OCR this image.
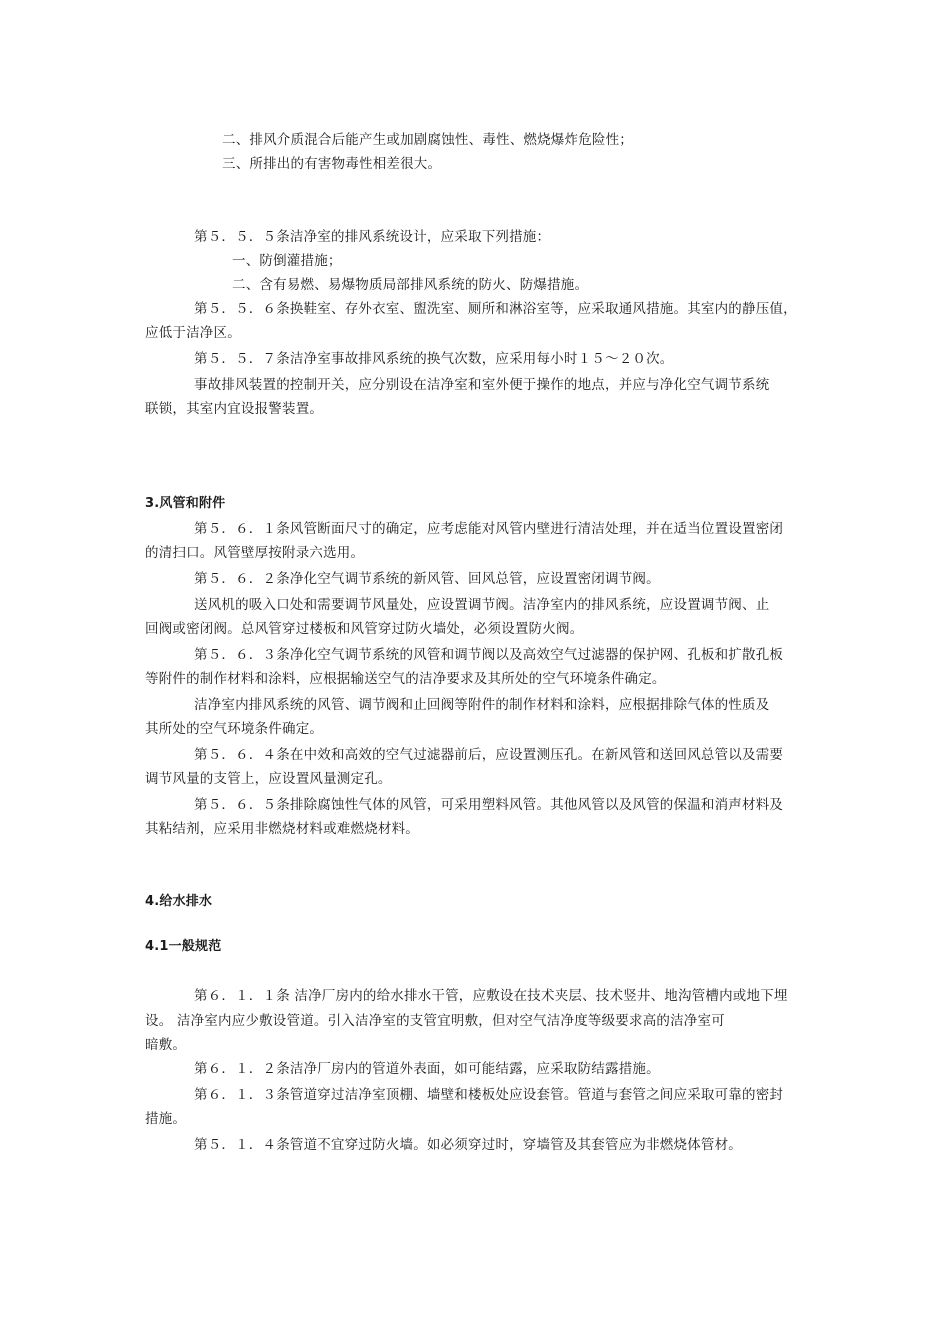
二、排风介质混合后能产生或加剧腐蚀性、毒性、燃烧爆炸危险性；
三、所排出的有害物毒性相差很大。
第５．５．５条洁净室的排风系统设计，应采取下列措施：
一、防倒灌措施；
二、含有易燃、易爆物质局部排风系统的防火、防爆措施。
第５．５．６条换鞋室、存外衣室、盥洗室、厕所和淋浴室等，应采取通风措施。其室内的静压值，
应低于洁净区。
第５．５．７条洁净室事故排风系统的换气次数，应采用每小时１５～２０次。
事故排风装置的控制开关，应分别设在洁净室和室外便于操作的地点，并应与净化空气调节系统
联锁，其室内宜设报警装置。
3.风管和附件
第５．６．１条风管断面尺寸的确定，应考虑能对风管内壁进行清洁处理，并在适当位置设置密闭
的清扫口。风管壁厚按附录六选用。
第５．６．２条净化空气调节系统的新风管、回风总管，应设置密闭调节阀。
送风机的吸入口处和需要调节风量处，应设置调节阀。洁净室内的排风系统，应设置调节阀、止
回阀或密闭阀。总风管穿过楼板和风管穿过防火墙处，必须设置防火阀。
第５．６．３条净化空气调节系统的风管和调节阀以及高效空气过滤器的保护网、孔板和扩散孔板
等附件的制作材料和涂料，应根据输送空气的洁净要求及其所处的空气环境条件确定。
洁净室内排风系统的风管、调节阀和止回阀等附件的制作材料和涂料，应根据排除气体的性质及
其所处的空气环境条件确定。
第５．６．４条在中效和高效的空气过滤器前后，应设置测压孔。在新风管和送回风总管以及需要
调节风量的支管上，应设置风量测定孔。
第５．６．５条排除腐蚀性气体的风管，可采用塑料风管。其他风管以及风管的保温和消声材料及
其粘结剂，应采用非燃烧材料或难燃烧材料。
4.给水排水
4.1一般规范
第６．１．１条 洁净厂房内的给水排水干管，应敷设在技术夹层、技术竖井、地沟管槽内或地下埋
设。 洁净室内应少敷设管道。引入洁净室的支管宜明敷，但对空气洁净度等级要求高的洁净室可
暗敷。
第６．１．２条洁净厂房内的管道外表面，如可能结露，应采取防结露措施。
第６．１．３条管道穿过洁净室顶棚、墙壁和楼板处应设套管。管道与套管之间应采取可靠的密封
措施。
第５．１．４条管道不宜穿过防火墙。如必须穿过时，穿墙管及其套管应为非燃烧体管材。
